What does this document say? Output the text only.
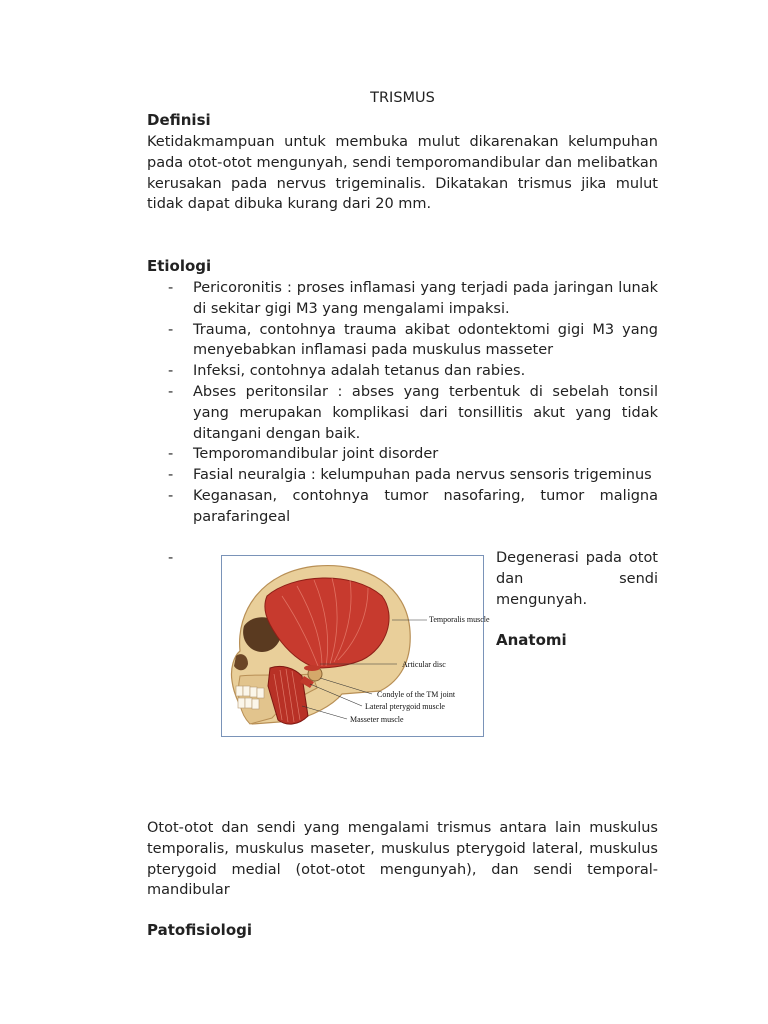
TRISMUS
Definisi
Ketidakmampuan untuk membuka mulut dikarenakan kelumpuhan pada otot-otot mengunyah, sendi temporomandibular dan melibatkan kerusakan pada nervus trigeminalis. Dikatakan trismus jika mulut tidak dapat dibuka kurang dari 20 mm.
Etiologi
- Pericoronitis : proses inflamasi yang terjadi pada jaringan lunak di sekitar gigi M3 yang mengalami impaksi.
- Trauma, contohnya trauma akibat odontektomi gigi M3 yang menyebabkan inflamasi pada muskulus masseter
- Infeksi, contohnya adalah tetanus dan rabies.
- Abses peritonsilar : abses yang terbentuk di sebelah tonsil yang merupakan komplikasi dari tonsillitis akut yang tidak ditangani dengan baik.
- Temporomandibular joint disorder
- Fasial neuralgia : kelumpuhan pada nervus sensoris trigeminus
- Keganasan, contohnya tumor nasofaring, tumor maligna parafaringeal
-	Degenerasi pada otot dan sendi mengunyah.
Anatomi
Temporalis muscle
Articular disc
Condyle of the TM joint
Lateral pterygoid muscle
Masseter muscle
Otot-otot dan sendi yang mengalami trismus antara lain muskulus temporalis, muskulus maseter, muskulus pterygoid lateral, muskulus pterygoid medial (otot-otot mengunyah), dan sendi temporal-mandibular
Patofisiologi
